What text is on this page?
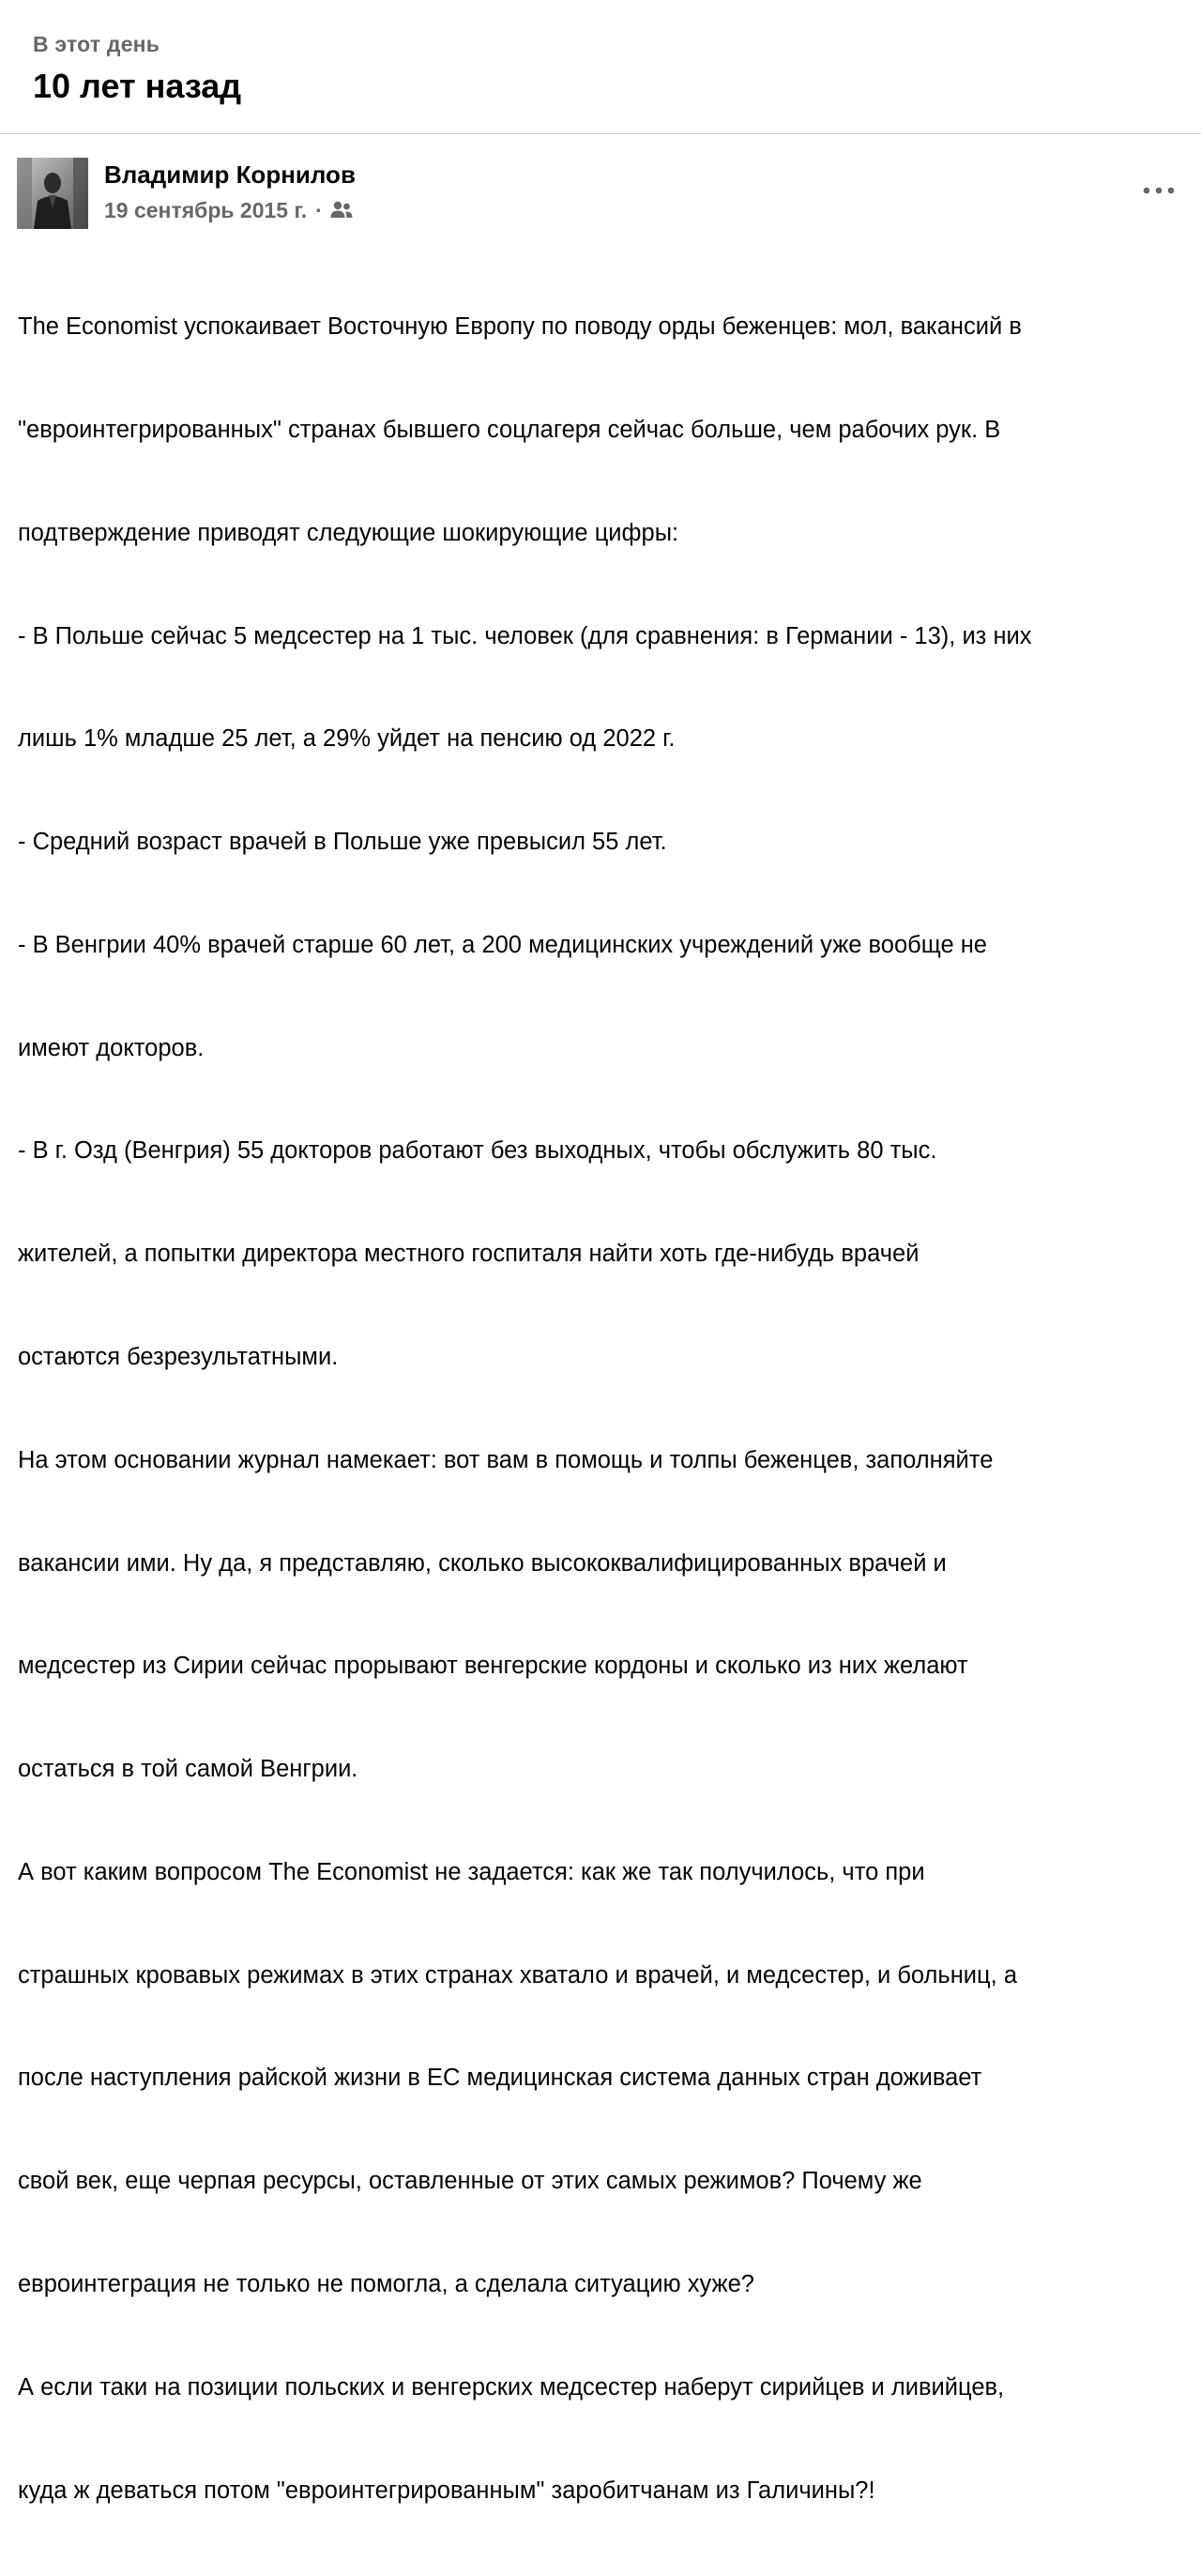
В этот день
10 лет назад
Владимир Корнилов
19 сентябрь 2015 г. ·

The Economist успокаивает Восточную Европу по поводу орды беженцев: мол, вакансий в

"евроинтегрированных" странах бывшего соцлагеря сейчас больше, чем рабочих рук. В

подтверждение приводят следующие шокирующие цифры:

- В Польше сейчас 5 медсестер на 1 тыс. человек (для сравнения: в Германии - 13), из них

лишь 1% младше 25 лет, а 29% уйдет на пенсию од 2022 г.

- Средний возраст врачей в Польше уже превысил 55 лет.

- В Венгрии 40% врачей старше 60 лет, а 200 медицинских учреждений уже вообще не

имеют докторов.

- В г. Озд (Венгрия) 55 докторов работают без выходных, чтобы обслужить 80 тыс.

жителей, а попытки директора местного госпиталя найти хоть где-нибудь врачей

остаются безрезультатными.

На этом основании журнал намекает: вот вам в помощь и толпы беженцев, заполняйте

вакансии ими. Ну да, я представляю, сколько высококвалифицированных врачей и

медсестер из Сирии сейчас прорывают венгерские кордоны и сколько из них желают

остаться в той самой Венгрии.

А вот каким вопросом The Economist не задается: как же так получилось, что при

страшных кровавых режимах в этих странах хватало и врачей, и медсестер, и больниц, а

после наступления райской жизни в ЕС медицинская система данных стран доживает

свой век, еще черпая ресурсы, оставленные от этих самых режимов? Почему же

евроинтеграция не только не помогла, а сделала ситуацию хуже?

А если таки на позиции польских и венгерских медсестер наберут сирийцев и ливийцев,

куда ж деваться потом "евроинтегрированным" заробитчанам из Галичины?!
